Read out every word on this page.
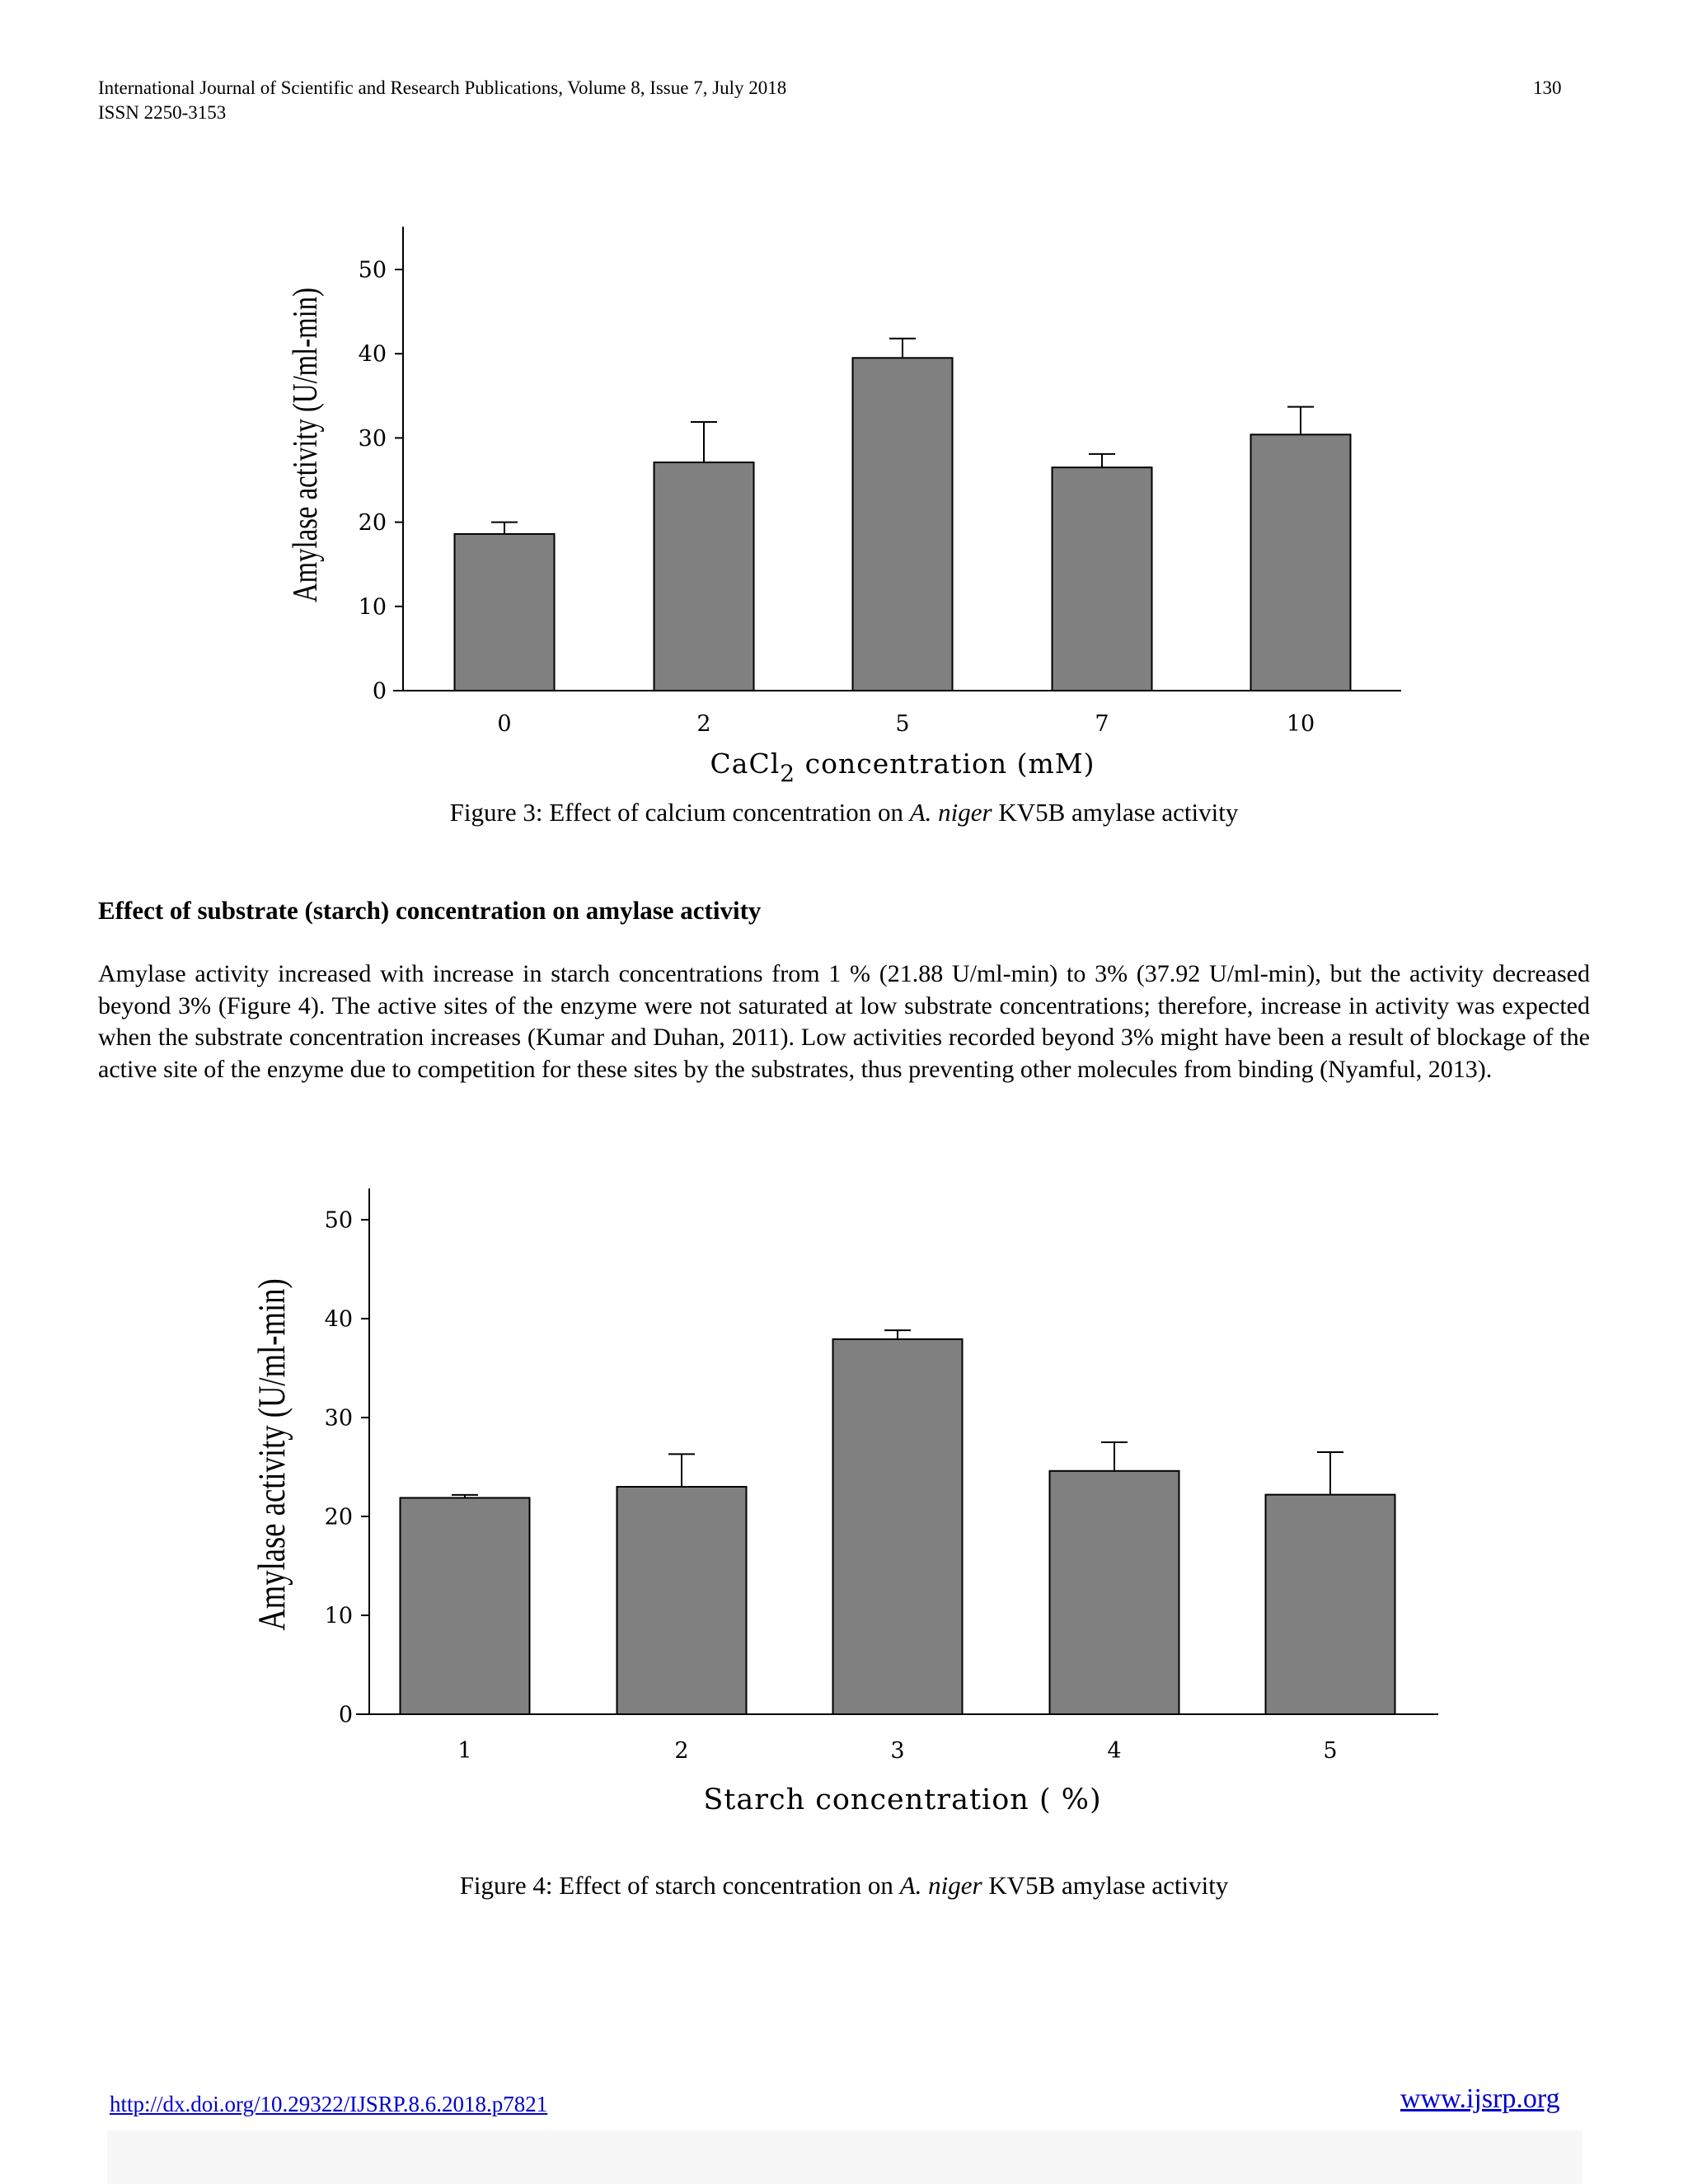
International Journal of Scientific and Research Publications, Volume 8, Issue 7, July 2018
ISSN 2250-3153
130
0	2	5	7	10
0
10
20
30
40
50
Amylase activity (U/ml-min)
CaCl$_2$ concentration (mM)
Figure 3: Effect of calcium concentration on A. niger KV5B amylase activity
Effect of substrate (starch) concentration on amylase activity
Amylase activity increased with increase in starch concentrations from 1 % (21.88 U/ml-min) to 3% (37.92 U/ml-min), but the activity decreased beyond 3% (Figure 4). The active sites of the enzyme were not saturated at low substrate concentrations; therefore, increase in activity was expected when the substrate concentration increases (Kumar and Duhan, 2011). Low activities recorded beyond 3% might have been a result of blockage of the active site of the enzyme due to competition for these sites by the substrates, thus preventing other molecules from binding (Nyamful, 2013).
1	2	3	4	5
0
10
20
30
40
50
Amylase activity (U/ml-min)
Starch concentration ( %)
Figure 4: Effect of starch concentration on A. niger KV5B amylase activity
http://dx.doi.org/10.29322/IJSRP.8.6.2018.p7821	www.ijsrp.org
